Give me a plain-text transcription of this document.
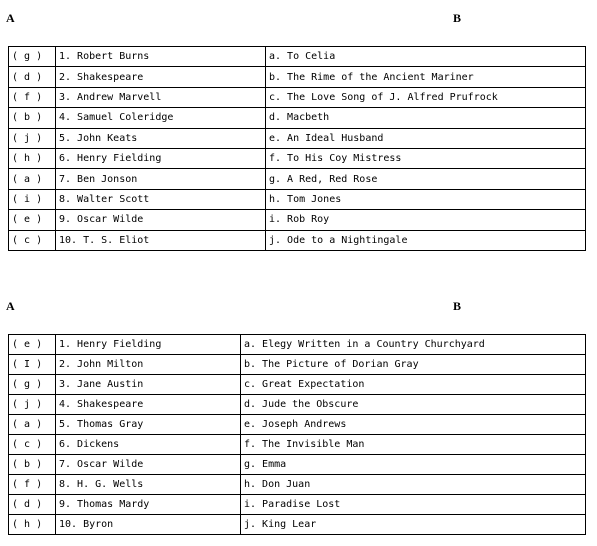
A	B
( g )	1. Robert Burns	a. To Celia
( d )	2. Shakespeare	b. The Rime of the Ancient Mariner
( f )	3. Andrew Marvell	c. The Love Song of J. Alfred Prufrock
( b )	4. Samuel Coleridge	d. Macbeth
( j )	5. John Keats	e. An Ideal Husband
( h )	6. Henry Fielding	f. To His Coy Mistress
( a )	7. Ben Jonson	g. A Red, Red Rose
( i )	8. Walter Scott	h. Tom Jones
( e )	9. Oscar Wilde	i. Rob Roy
( c )	10. T. S. Eliot	j. Ode to a Nightingale
A	B
( e )	1. Henry Fielding	a. Elegy Written in a Country Churchyard
( I )	2. John Milton	b. The Picture of Dorian Gray
( g )	3. Jane Austin	c. Great Expectation
( j )	4. Shakespeare	d. Jude the Obscure
( a )	5. Thomas Gray	e. Joseph Andrews
( c )	6. Dickens	f. The Invisible Man
( b )	7. Oscar Wilde	g. Emma
( f )	8. H. G. Wells	h. Don Juan
( d )	9. Thomas Mardy	i. Paradise Lost
( h )	10. Byron	j. King Lear
